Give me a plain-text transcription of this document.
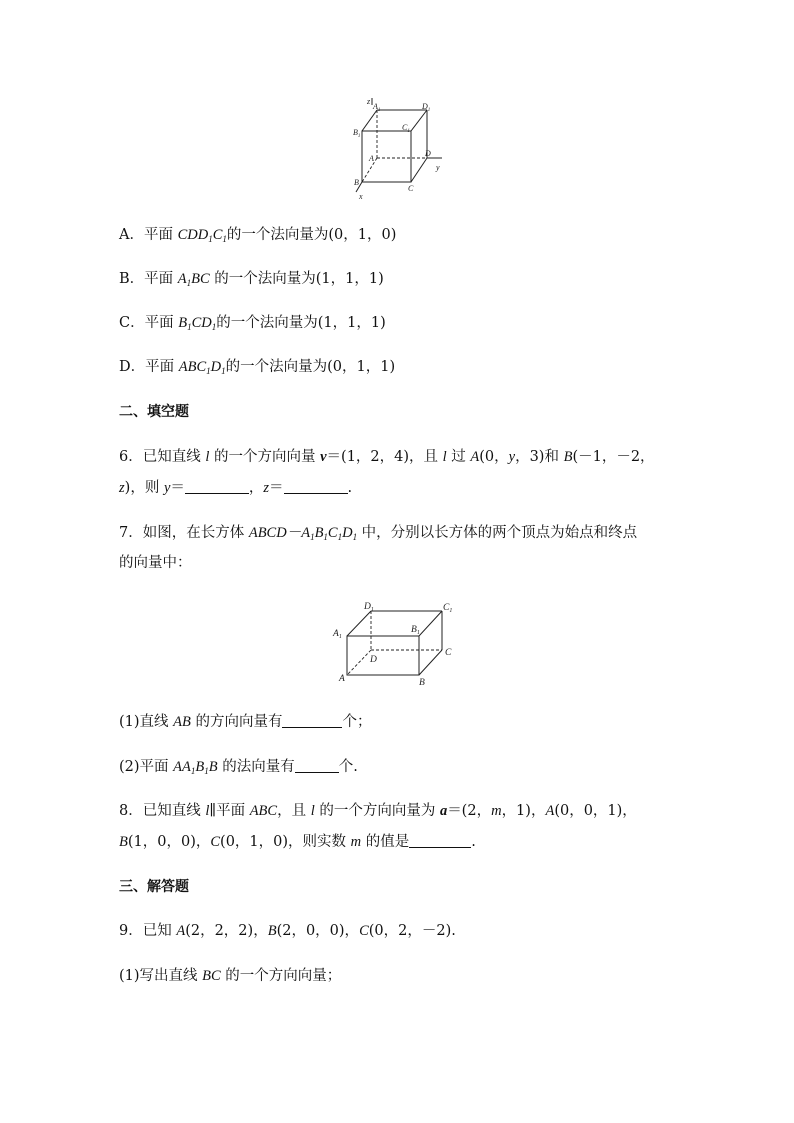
z
$A_1$	$D_1$
$B_1$
$C_1$
A
D
y
B
C
x
A．平面 $CDD_1C_1$的一个法向量为(0，1，0)
B．平面 $A_1BC$ 的一个法向量为(1，1，1)
C．平面 $B_1CD_1$的一个法向量为(1，1，1)
D．平面 $ABC_1D_1$的一个法向量为(0，1，1)
二、填空题
6．已知直线 l 的一个方向向量 v＝(1，2，4)，且 l 过 A(0，y，3)和 B(－1，－2，
z)，则 y＝	，z＝	.
7．如图，在长方体 $ABCD-A_1B_1C_1D_1$ 中，分别以长方体的两个顶点为始点和终点
的向量中：
$D_1$	$C_1$
$A_1$
$B_1$
D
C
A	B
(1)直线 AB 的方向向量有	个；
(2)平面 $AA_1B_1B$ 的法向量有	个.
8．已知直线 l∥平面 ABC，且 l 的一个方向向量为 a＝(2，m，1)，A(0，0，1)，
B(1，0，0)，C(0，1，0)，则实数 m 的值是	.
三、解答题
9．已知 A(2，2，2)，B(2，0，0)，C(0，2，－2).
(1)写出直线 BC 的一个方向向量；
